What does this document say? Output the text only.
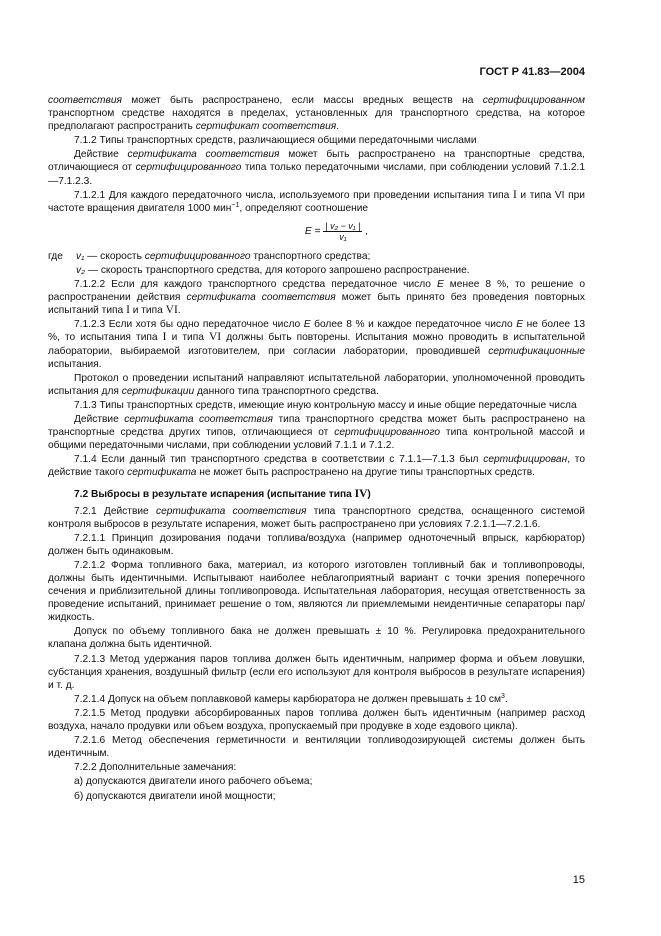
ГОСТ Р 41.83—2004

соответствия может быть распространено, если массы вредных веществ на сертифицированном транспортном средстве находятся в пределах, установленных для транспортного средства, на которое предполагают распространить сертификат соответствия.

7.1.2 Типы транспортных средств, различающиеся общими передаточными числами

Действие сертификата соответствия может быть распространено на транспортные средства, отличающиеся от сертифицированного типа только передаточными числами, при соблюдении условий 7.1.2.1—7.1.2.3.

7.1.2.1 Для каждого передаточного числа, используемого при проведении испытания типа I и типа VI при частоте вращения двигателя 1000 мин$^{-1}$, определяют соотношение

$E = \frac{\text{| v₂ − v₁ |}}{\text{v₁}}$ ,

где v₁ — скорость сертифицированного транспортного средства;

v₂ — скорость транспортного средства, для которого запрошено распространение.

7.1.2.2 Если для каждого транспортного средства передаточное число E менее 8 %, то решение о распространении действия сертификата соответствия может быть принято без проведения повторных испытаний типа I и типа VI.

7.1.2.3 Если хотя бы одно передаточное число E более 8 % и каждое передаточное число E не более 13 %, то испытания типа I и типа VI должны быть повторены. Испытания можно проводить в испытательной лаборатории, выбираемой изготовителем, при согласии лаборатории, проводившей сертификационные испытания.

Протокол о проведении испытаний направляют испытательной лаборатории, уполномоченной проводить испытания для сертификации данного типа транспортного средства.

7.1.3 Типы транспортных средств, имеющие иную контрольную массу и иные общие передаточные числа

Действие сертификата соответствия типа транспортного средства может быть распространено на транспортные средства других типов, отличающиеся от сертифицированного типа контрольной массой и общими передаточными числами, при соблюдении условий 7.1.1 и 7.1.2.

7.1.4 Если данный тип транспортного средства в соответствии с 7.1.1—7.1.3 был сертифицирован, то действие такого сертификата не может быть распространено на другие типы транспортных средств.

7.2 Выбросы в результате испарения (испытание типа IV)

7.2.1 Действие сертификата соответствия типа транспортного средства, оснащенного системой контроля выбросов в результате испарения, может быть распространено при условиях 7.2.1.1—7.2.1.6.

7.2.1.1 Принцип дозирования подачи топлива/воздуха (например одноточечный впрыск, карбюратор) должен быть одинаковым.

7.2.1.2 Форма топливного бака, материал, из которого изготовлен топливный бак и топливопроводы, должны быть идентичными. Испытывают наиболее неблагоприятный вариант с точки зрения поперечного сечения и приблизительной длины топливопровода. Испытательная лаборатория, несущая ответственность за проведение испытаний, принимает решение о том, являются ли приемлемыми неидентичные сепараторы пар/ жидкость.

Допуск по объему топливного бака не должен превышать ± 10 %. Регулировка предохранительного клапана должна быть идентичной.

7.2.1.3 Метод удержания паров топлива должен быть идентичным, например форма и объем ловушки, субстанция хранения, воздушный фильтр (если его используют для контроля выбросов в результате испарения) и т. д.

7.2.1.4 Допуск на объем поплавковой камеры карбюратора не должен превышать ± 10 $см^3$.

7.2.1.5 Метод продувки абсорбированных паров топлива должен быть идентичным (например расход воздуха, начало продувки или объем воздуха, пропускаемый при продувке в ходе ездового цикла).

7.2.1.6 Метод обеспечения герметичности и вентиляции топливодозирующей системы должен быть идентичным.

7.2.2 Дополнительные замечания:

а) допускаются двигатели иного рабочего объема;

б) допускаются двигатели иной мощности;

15
